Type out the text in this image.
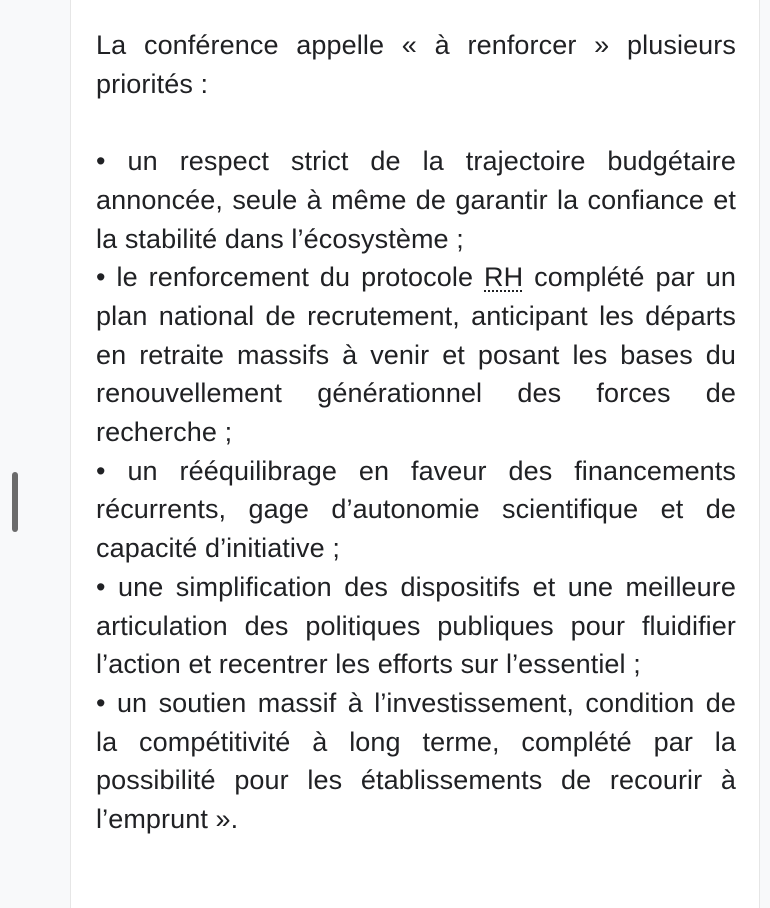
La conférence appelle « à renforcer » plusieurs priorités :

• un respect strict de la trajectoire budgétaire annoncée, seule à même de garantir la confiance et la stabilité dans l’écosystème ;

• le renforcement du protocole RH complété par un plan national de recrutement, anticipant les départs en retraite massifs à venir et posant les bases du renouvellement générationnel des forces de recherche ;

• un rééquilibrage en faveur des financements récurrents, gage d’autonomie scientifique et de capacité d’initiative ;

• une simplification des dispositifs et une meilleure articulation des politiques publiques pour fluidifier l’action et recentrer les efforts sur l’essentiel ;

• un soutien massif à l’investissement, condition de la compétitivité à long terme, complété par la possibilité pour les établissements de recourir à l’emprunt ».
